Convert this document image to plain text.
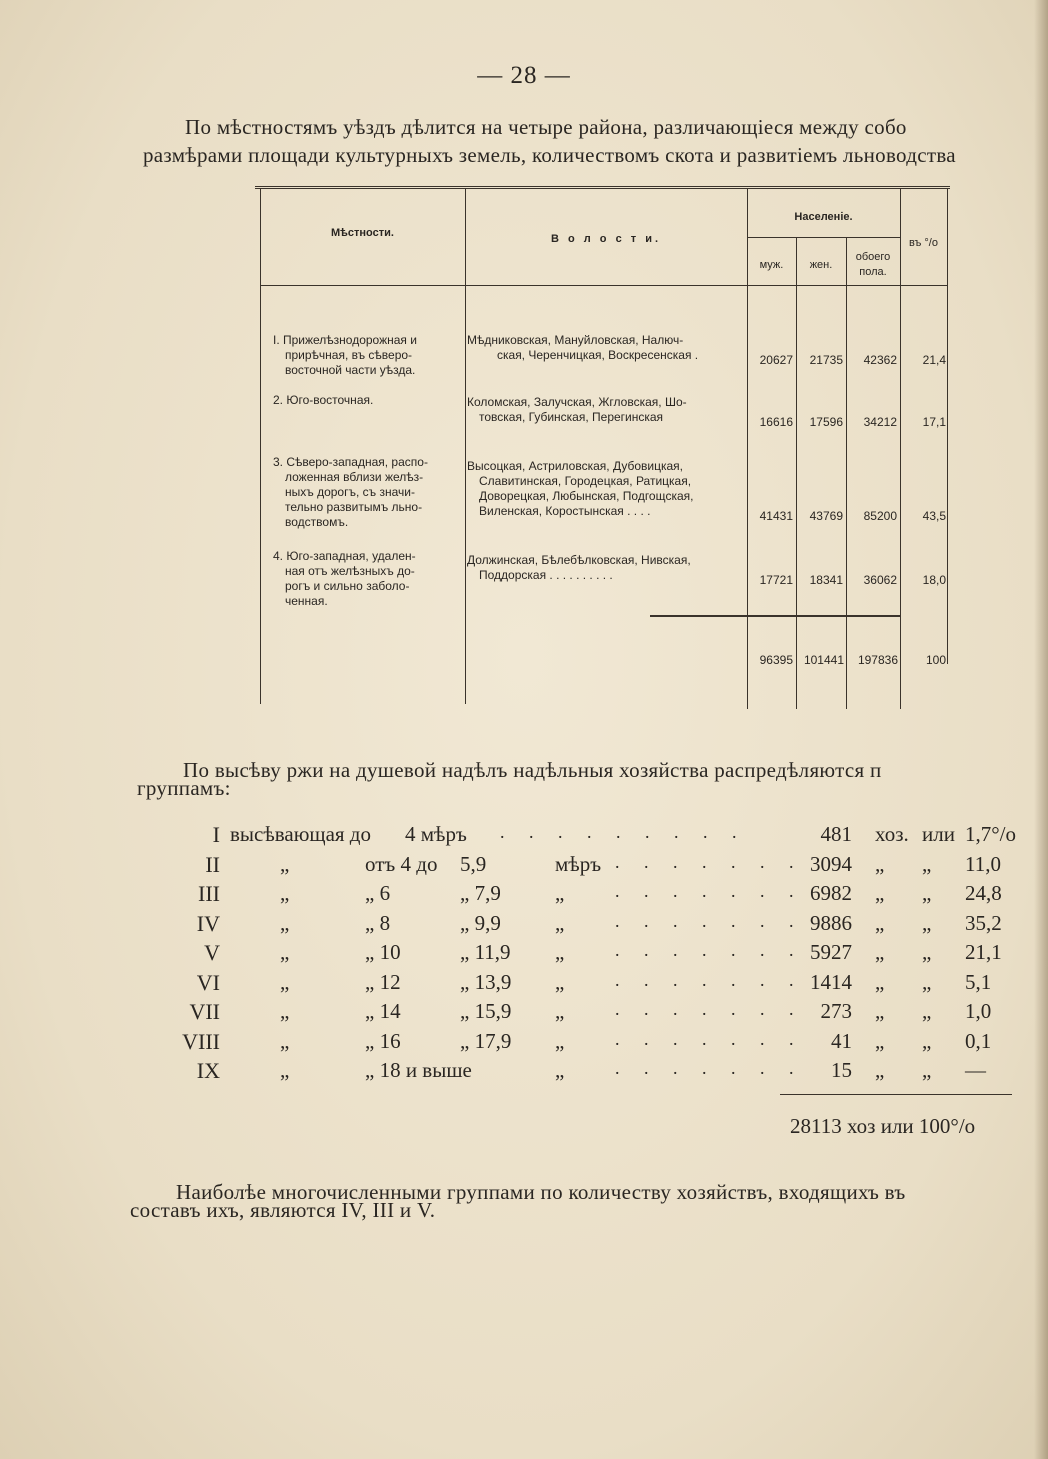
— 28 —
По мѣстностямъ уѣздъ дѣлится на четыре района, различающіеся между собо
размѣрами площади культурныхъ земель, количествомъ скота и развитіемъ льноводства
Мѣстности.	В о л о с т и.
Населеніе.
муж.	жен.
обоего
пола.
въ °/о
I. Прижелѣзнодорожная и
прирѣчная, въ сѣверо-
восточной части уѣзда.
Мѣдниковская, Мануйловская, Налюч-
ская, Черенчицкая, Воскресенская .	20627	21735	42362	21,4
2. Юго-восточная.	Коломская, Залучская, Жгловская, Шо-
товская, Губинская, Перегинская	16616	17596	34212	17,1
3. Сѣверо-западная, распо-
ложенная вблизи желѣз-
ныхъ дорогъ, съ значи-
тельно развитымъ льно-
водствомъ.
Высоцкая, Астриловская, Дубовицкая,
Славитинская, Городецкая, Ратицкая,
Доворецкая, Любынская, Подгощская,
Виленская, Коростынская . . . .	41431	43769	85200	43,5
4. Юго-западная, удален-
ная отъ желѣзныхъ до-
рогъ и сильно заболо-
ченная.
Должинская, Бѣлебѣлковская, Нивская,
Поддорская . . . . . . . . . .	17721	18341	36062	18,0
96395 101441	197836	100
По высѣву ржи на душевой надѣлъ надѣльныя хозяйства распредѣляются п
группамъ:
I высѣвающая до 4 мѣръ . . . . . . . . .	481 хоз. или 1,7°/о
II	„	отъ 4 до 5,9	мѣръ . . . . . . . 3094 „ „ 11,0
III	„	„ 6	„ 7,9	„	. . . . . . . 6982 „ „ 24,8
IV	„	„ 8	„ 9,9	„	. . . . . . . 9886 „ „ 35,2
V	„	„ 10	„ 11,9 „	. . . . . . . 5927 „ „ 21,1
VI	„	„ 12	„ 13,9 „	. . . . . . . 1414 „ „ 5,1
VII	„	„ 14	„ 15,9 „	. . . . . . . 273 „ „ 1,0
VIII	„	„ 16	„ 17,9 „	. . . . . . .	41 „ „ 0,1
IX	„	„ 18 и выше	„	. . . . . . .	15 „ „ —
28113 хоз или 100°/о
Наиболѣе многочисленными группами по количеству хозяйствъ, входящихъ въ
составъ ихъ, являются IV, III и V.
